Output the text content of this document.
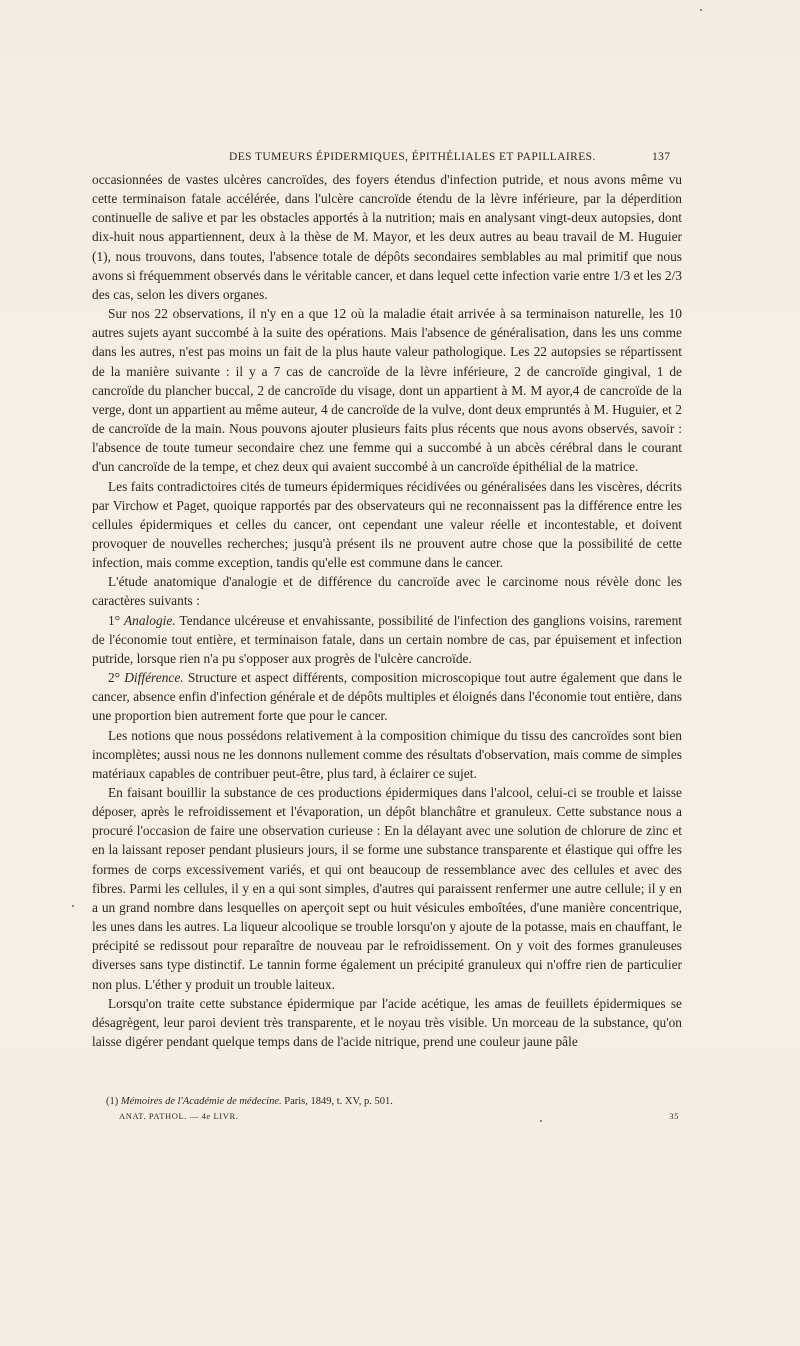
DES TUMEURS ÉPIDERMIQUES, ÉPITHÉLIALES ET PAPILLAIRES.	137

occasionnées de vastes ulcères cancroïdes, des foyers étendus d'infection putride, et nous avons même vu cette terminaison fatale accélérée, dans l'ulcère cancroïde étendu de la lèvre inférieure, par la déperdition continuelle de salive et par les obstacles apportés à la nutrition; mais en analysant vingt-deux autopsies, dont dix-huit nous appartiennent, deux à la thèse de M. Mayor, et les deux autres au beau travail de M. Huguier (1), nous trouvons, dans toutes, l'absence totale de dépôts secondaires semblables au mal primitif que nous avons si fréquemment observés dans le véritable cancer, et dans lequel cette infection varie entre 1/3 et les 2/3 des cas, selon les divers organes.

Sur nos 22 observations, il n'y en a que 12 où la maladie était arrivée à sa terminaison naturelle, les 10 autres sujets ayant succombé à la suite des opérations. Mais l'absence de généralisation, dans les uns comme dans les autres, n'est pas moins un fait de la plus haute valeur pathologique. Les 22 autopsies se répartissent de la manière suivante : il y a 7 cas de cancroïde de la lèvre inférieure, 2 de cancroïde gingival, 1 de cancroïde du plancher buccal, 2 de cancroïde du visage, dont un appartient à M. M ayor,4 de cancroïde de la verge, dont un appartient au même auteur, 4 de cancroïde de la vulve, dont deux empruntés à M. Huguier, et 2 de cancroïde de la main. Nous pouvons ajouter plusieurs faits plus récents que nous avons observés, savoir : l'absence de toute tumeur secondaire chez une femme qui a succombé à un abcès cérébral dans le courant d'un cancroïde de la tempe, et chez deux qui avaient succombé à un cancroïde épithélial de la matrice.

Les faits contradictoires cités de tumeurs épidermiques récidivées ou généralisées dans les viscères, décrits par Virchow et Paget, quoique rapportés par des observateurs qui ne reconnaissent pas la différence entre les cellules épidermiques et celles du cancer, ont cependant une valeur réelle et incontestable, et doivent provoquer de nouvelles recherches; jusqu'à présent ils ne prouvent autre chose que la possibilité de cette infection, mais comme exception, tandis qu'elle est commune dans le cancer.

L'étude anatomique d'analogie et de différence du cancroïde avec le carcinome nous révèle donc les caractères suivants :

1° Analogie. Tendance ulcéreuse et envahissante, possibilité de l'infection des ganglions voisins, rarement de l'économie tout entière, et terminaison fatale, dans un certain nombre de cas, par épuisement et infection putride, lorsque rien n'a pu s'opposer aux progrès de l'ulcère cancroïde.

2° Différence. Structure et aspect différents, composition microscopique tout autre également que dans le cancer, absence enfin d'infection générale et de dépôts multiples et éloignés dans l'économie tout entière, dans une proportion bien autrement forte que pour le cancer.

Les notions que nous possédons relativement à la composition chimique du tissu des cancroïdes sont bien incomplètes; aussi nous ne les donnons nullement comme des résultats d'observation, mais comme de simples matériaux capables de contribuer peut-être, plus tard, à éclairer ce sujet.

En faisant bouillir la substance de ces productions épidermiques dans l'alcool, celui-ci se trouble et laisse déposer, après le refroidissement et l'évaporation, un dépôt blanchâtre et granuleux. Cette substance nous a procuré l'occasion de faire une observation curieuse : En la délayant avec une solution de chlorure de zinc et en la laissant reposer pendant plusieurs jours, il se forme une substance transparente et élastique qui offre les formes de corps excessivement variés, et qui ont beaucoup de ressemblance avec des cellules et avec des fibres. Parmi les cellules, il y en a qui sont simples, d'autres qui paraissent renfermer une autre cellule; il y en a un grand nombre dans lesquelles on aperçoit sept ou huit vésicules emboîtées, d'une manière concentrique, les unes dans les autres. La liqueur alcoolique se trouble lorsqu'on y ajoute de la potasse, mais en chauffant, le précipité se redissout pour reparaître de nouveau par le refroidissement. On y voit des formes granuleuses diverses sans type distinctif. Le tannin forme également un précipité granuleux qui n'offre rien de particulier non plus. L'éther y produit un trouble laiteux.

Lorsqu'on traite cette substance épidermique par l'acide acétique, les amas de feuillets épidermiques se désagrègent, leur paroi devient très transparente, et le noyau très visible. Un morceau de la substance, qu'on laisse digérer pendant quelque temps dans de l'acide nitrique, prend une couleur jaune pâle

(1) Mémoires de l'Académie de médecine. Paris, 1849, t. XV, p. 501.
ANAT. PATHOL. — 4e LIVR.	35
